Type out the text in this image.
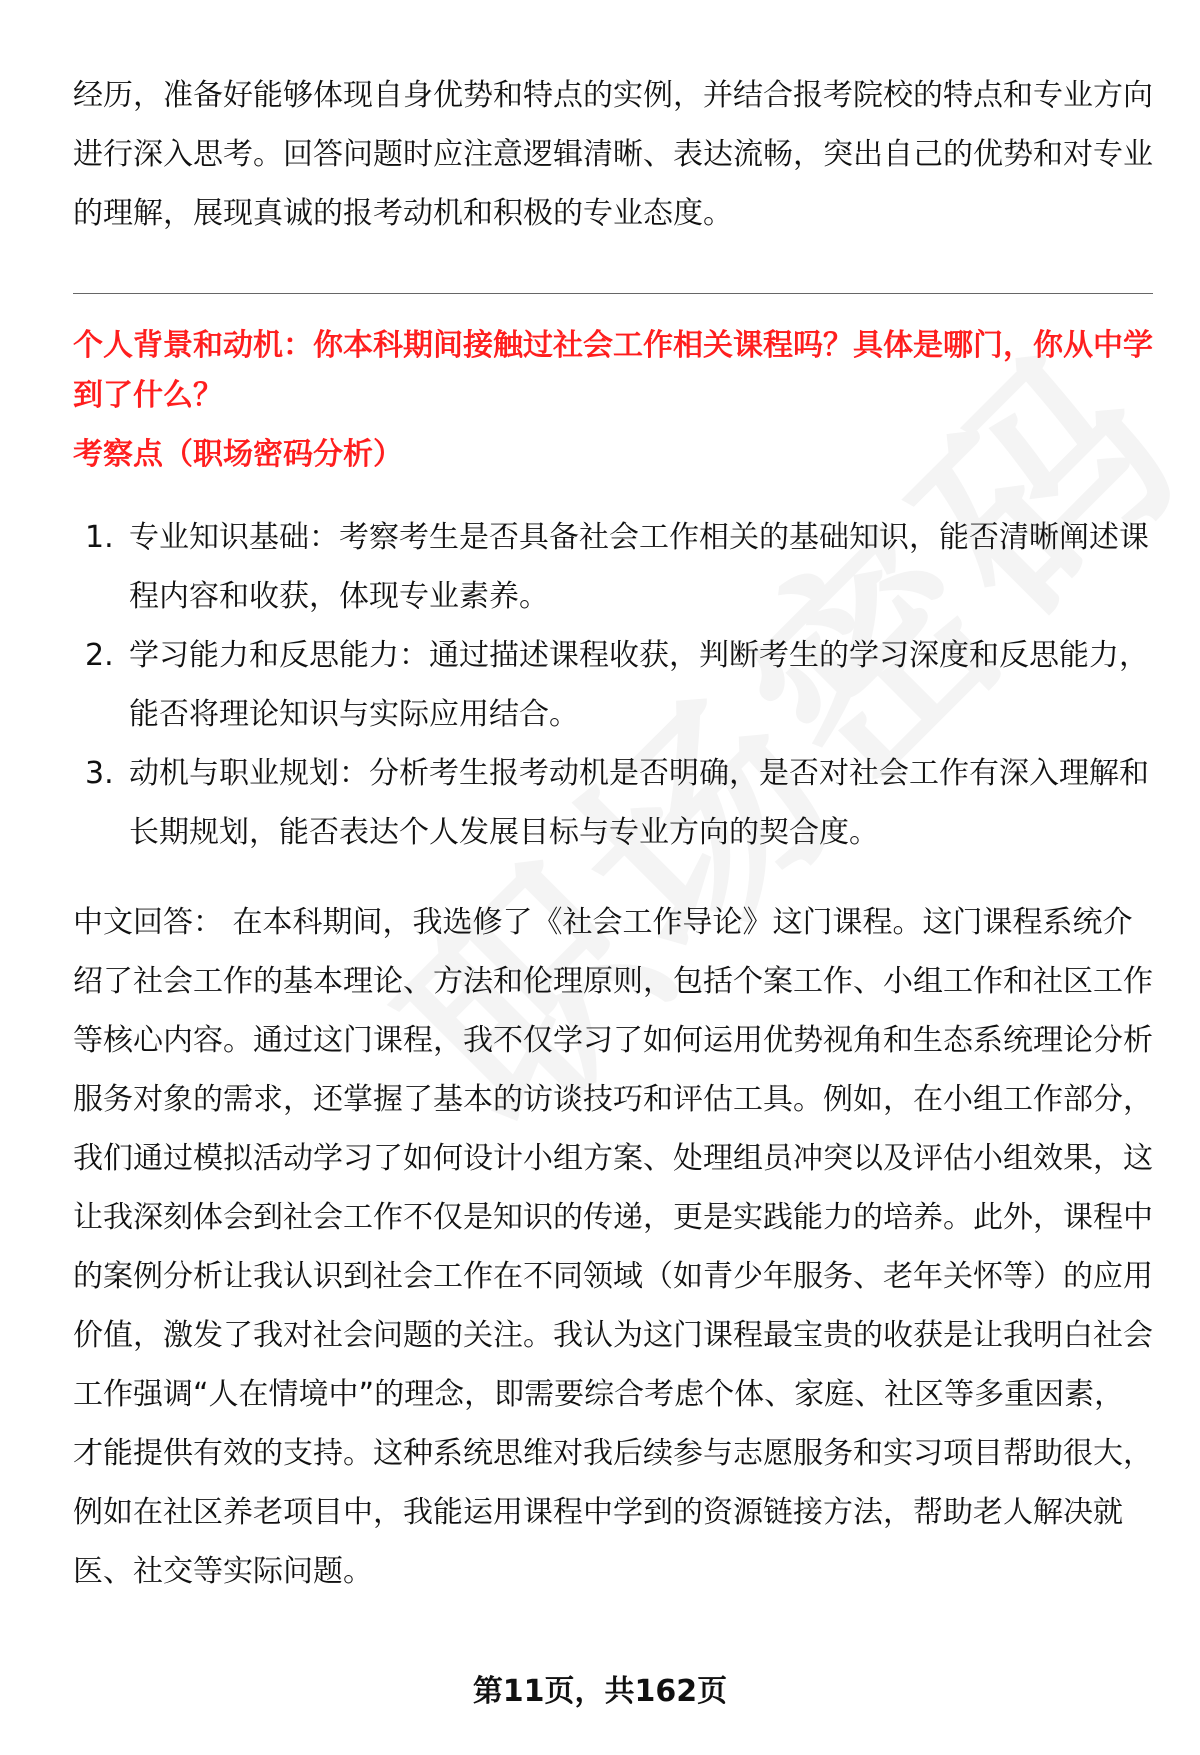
经历，准备好能够体现自身优势和特点的实例，并结合报考院校的特点和专业方向进行深入思考。回答问题时应注意逻辑清晰、表达流畅，突出自己的优势和对专业的理解，展现真诚的报考动机和积极的专业态度。

个人背景和动机：你本科期间接触过社会工作相关课程吗？具体是哪门，你从中学到了什么？

考察点（职场密码分析）

1. 专业知识基础：考察考生是否具备社会工作相关的基础知识，能否清晰阐述课程内容和收获，体现专业素养。
2. 学习能力和反思能力：通过描述课程收获，判断考生的学习深度和反思能力，能否将理论知识与实际应用结合。
3. 动机与职业规划：分析考生报考动机是否明确，是否对社会工作有深入理解和长期规划，能否表达个人发展目标与专业方向的契合度。

中文回答： 在本科期间，我选修了《社会工作导论》这门课程。这门课程系统介绍了社会工作的基本理论、方法和伦理原则，包括个案工作、小组工作和社区工作等核心内容。通过这门课程，我不仅学习了如何运用优势视角和生态系统理论分析服务对象的需求，还掌握了基本的访谈技巧和评估工具。例如，在小组工作部分，我们通过模拟活动学习了如何设计小组方案、处理组员冲突以及评估小组效果，这让我深刻体会到社会工作不仅是知识的传递，更是实践能力的培养。此外，课程中的案例分析让我认识到社会工作在不同领域（如青少年服务、老年关怀等）的应用价值，激发了我对社会问题的关注。我认为这门课程最宝贵的收获是让我明白社会工作强调“人在情境中”的理念，即需要综合考虑个体、家庭、社区等多重因素，才能提供有效的支持。这种系统思维对我后续参与志愿服务和实习项目帮助很大，例如在社区养老项目中，我能运用课程中学到的资源链接方法，帮助老人解决就医、社交等实际问题。

第11页，共162页
